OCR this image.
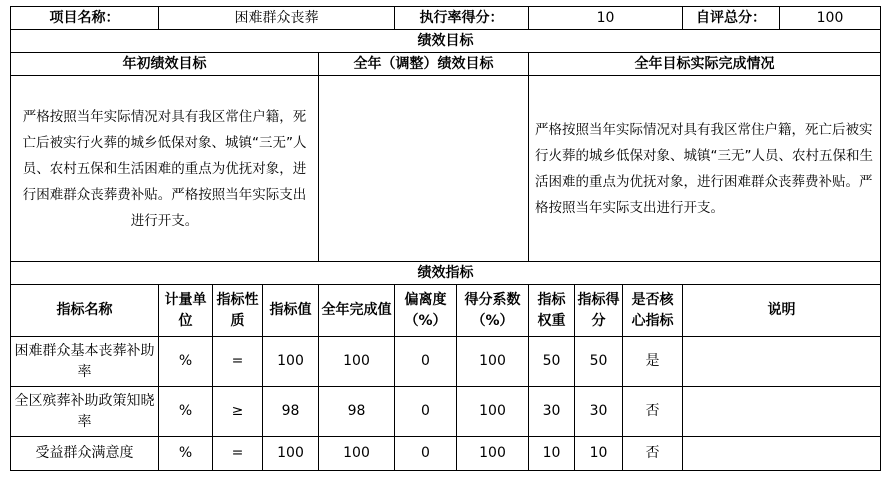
项目名称：	困难群众丧葬				执行率得分：		10			自评总分： 100

绩效目标										
年初绩效目标				全年（调整）绩效目标			全年目标实际完成情况			
严格按照当年实际情况对具有我区常住户籍，死亡后被实行火葬的城乡低保对象、城镇“三无”人员、农村五保和生活困难的重点为优抚对象，进行困难群众丧葬费补贴。严格按照当年实际支出进行开支。							严格按照当年实际情况对具有我区常住户籍，死亡后被实行火葬的城乡低保对象、城镇“三无”人员、农村五保和生活困难的重点为优抚对象，进行困难群众丧葬费补贴。严格按照当年实际支出进行开支。			
绩效指标										
指标名称	计量单位	指标性质	指标值	全年完成值	偏离度（%）	得分系数（%）	指标权重	指标得分	是否核心指标	说明
困难群众基本丧葬补助率	%	=	100	100	0	100	50	50	是	
全区殡葬补助政策知晓率	%	≥	98	98	0	100	30	30	否	
受益群众满意度	%	=	100	100	0	100	10	10	否	
